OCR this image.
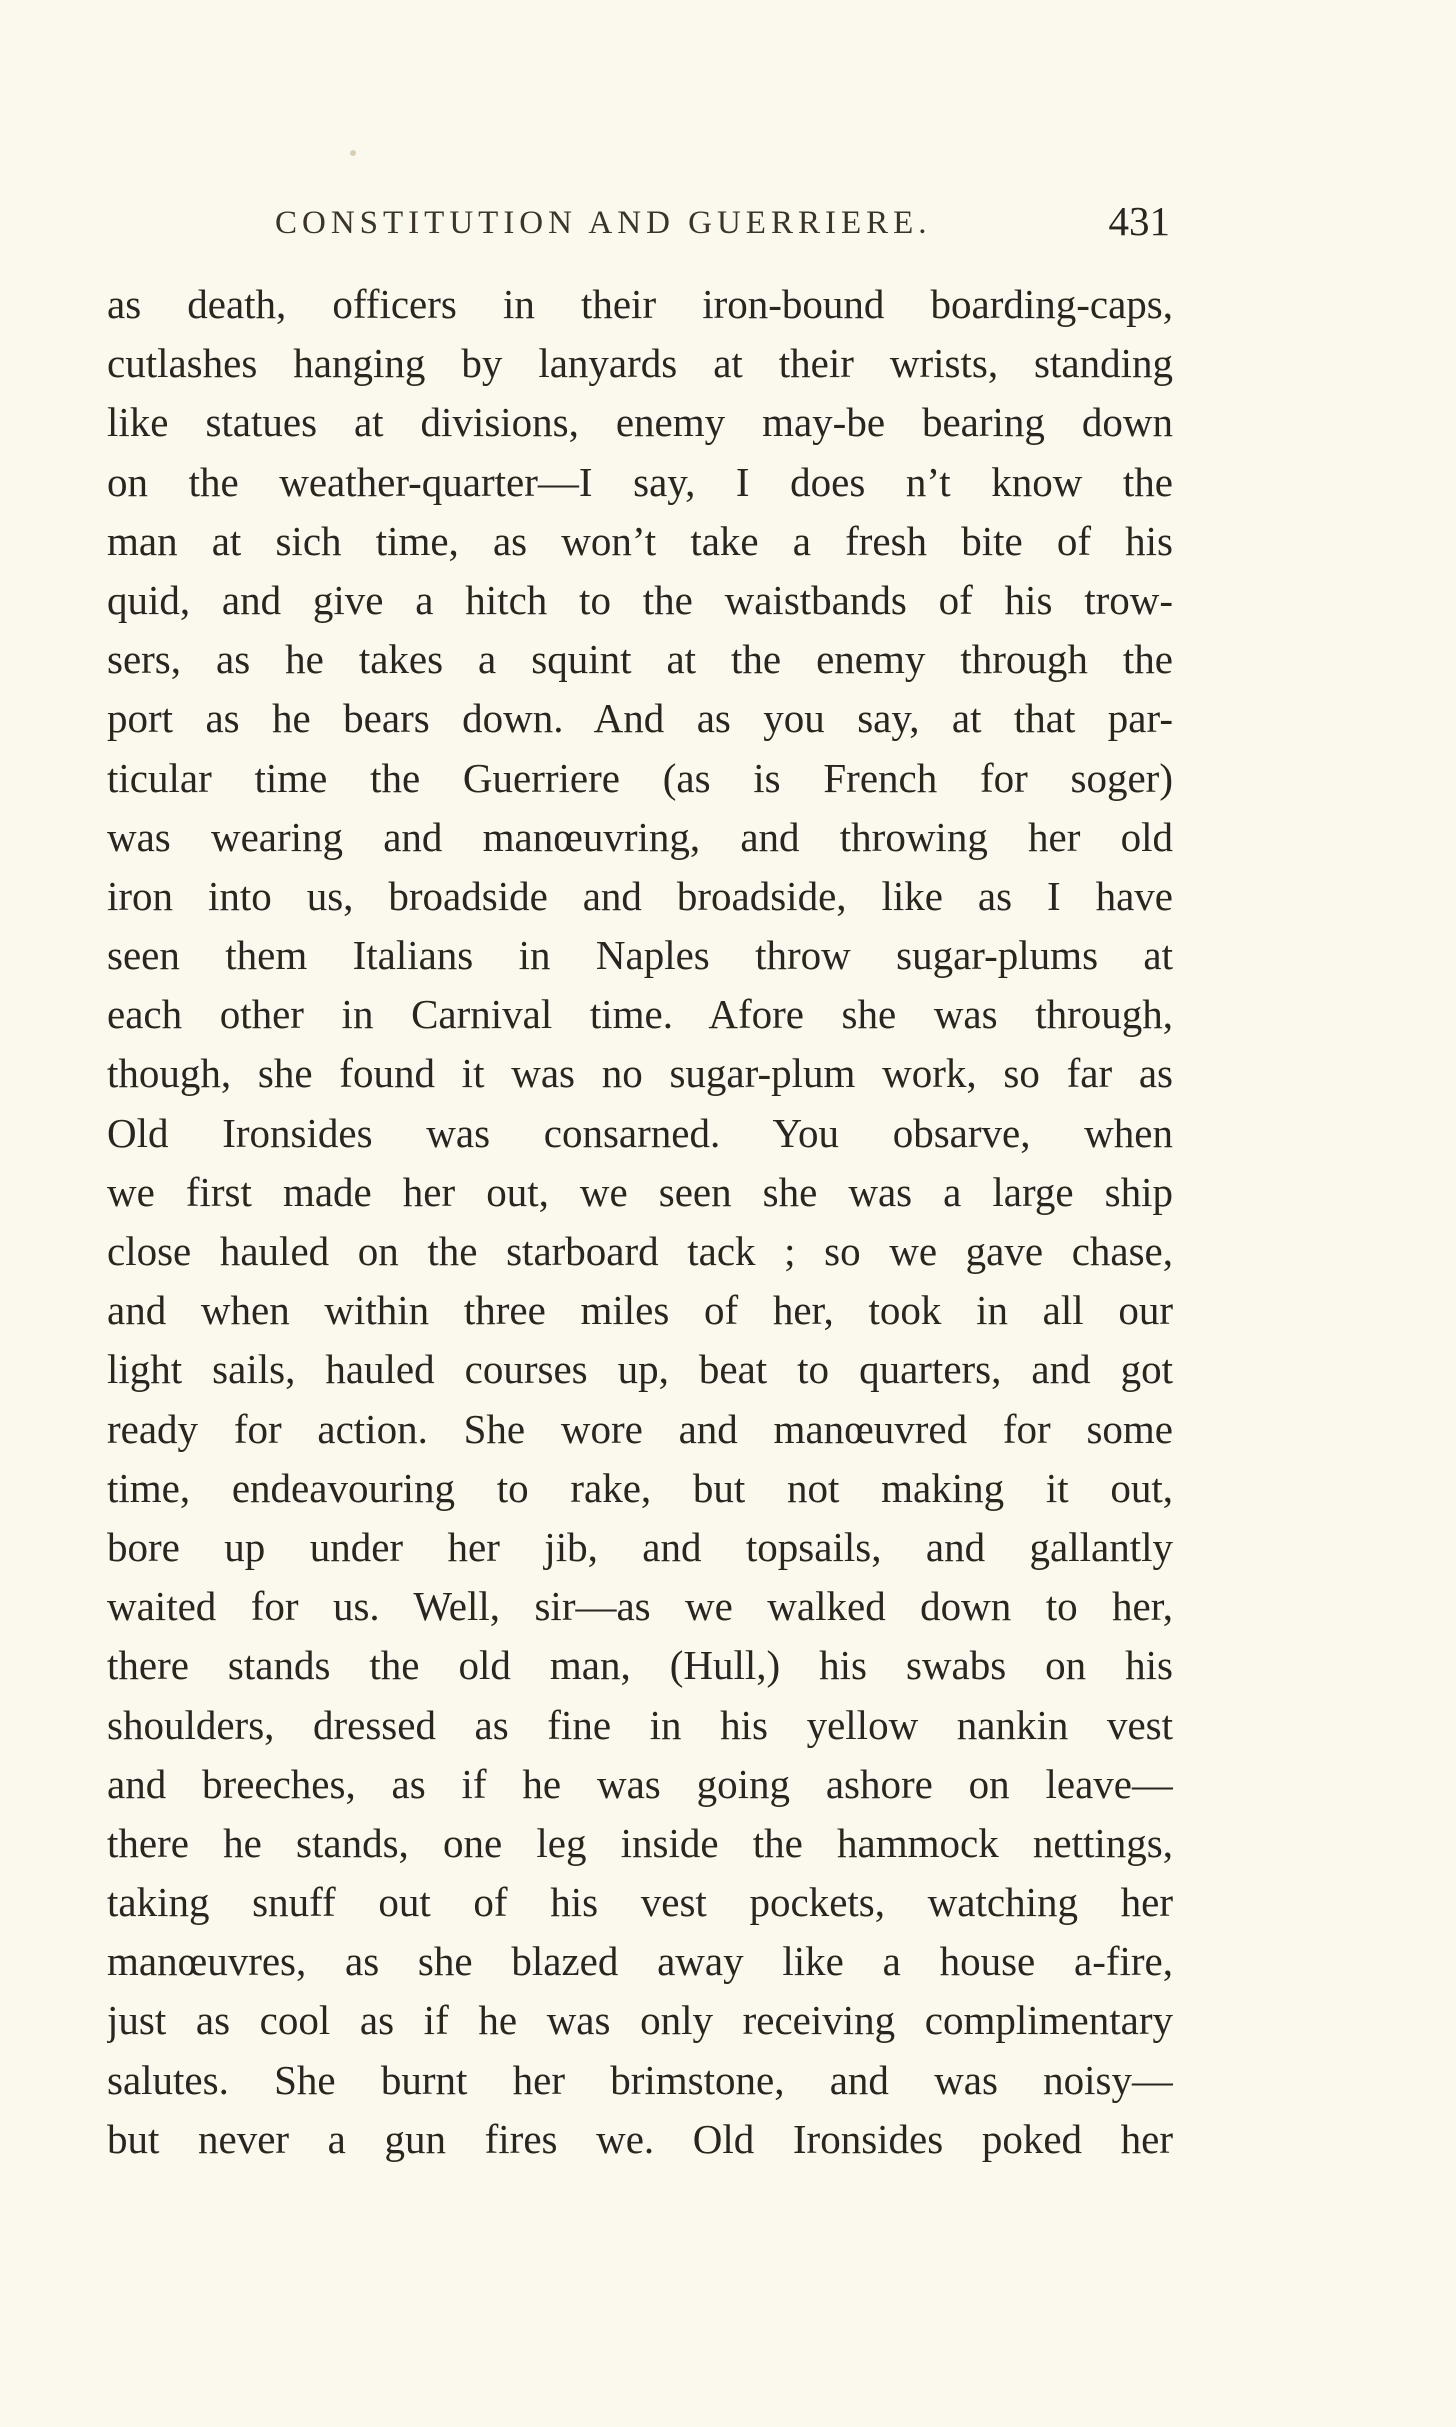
CONSTITUTION AND GUERRIERE.	431
as death, officers in their iron-bound boarding-caps,
cutlashes hanging by lanyards at their wrists, standing
like statues at divisions, enemy may-be bearing down
on the weather-quarter—I say, I does n’t know the
man at sich time, as won’t take a fresh bite of his
quid, and give a hitch to the waistbands of his trow-
sers, as he takes a squint at the enemy through the
port as he bears down. And as you say, at that par-
ticular time the Guerriere (as is French for soger)
was wearing and manœuvring, and throwing her old
iron into us, broadside and broadside, like as I have
seen them Italians in Naples throw sugar-plums at
each other in Carnival time. Afore she was through,
though, she found it was no sugar-plum work, so far as
Old Ironsides was consarned. You obsarve, when
we first made her out, we seen she was a large ship
close hauled on the starboard tack ; so we gave chase,
and when within three miles of her, took in all our
light sails, hauled courses up, beat to quarters, and got
ready for action. She wore and manœuvred for some
time, endeavouring to rake, but not making it out,
bore up under her jib, and topsails, and gallantly
waited for us. Well, sir—as we walked down to her,
there stands the old man, (Hull,) his swabs on his
shoulders, dressed as fine in his yellow nankin vest
and breeches, as if he was going ashore on leave—
there he stands, one leg inside the hammock nettings,
taking snuff out of his vest pockets, watching her
manœuvres, as she blazed away like a house a-fire,
just as cool as if he was only receiving complimentary
salutes. She burnt her brimstone, and was noisy—
but never a gun fires we. Old Ironsides poked her
